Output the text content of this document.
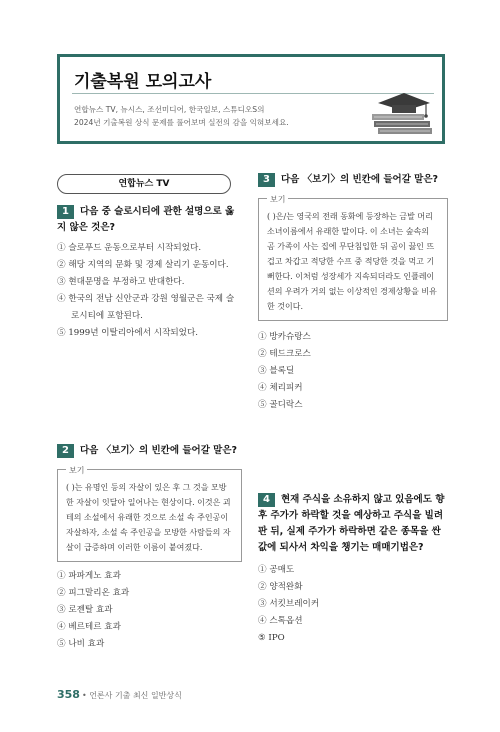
기출복원 모의고사
연합뉴스 TV, 뉴시스, 조선미디어, 한국일보, 스튜디오S의
2024년 기출복원 상식 문제를 풀어보며 실전의 감을 익혀보세요.
연합뉴스 TV
1 다음 중 슬로시티에 관한 설명으로 옳지 않은 것은?
① 슬로푸드 운동으로부터 시작되었다.
② 해당 지역의 문화 및 경제 살리기 운동이다.
③ 현대문명을 부정하고 반대한다.
④ 한국의 전남 신안군과 강원 영월군은 국제 슬로시티에 포함된다.
⑤ 1999년 이탈리아에서 시작되었다.
2 다음 〈보기〉의 빈칸에 들어갈 말은?
보기
( )는 유명인 등의 자살이 있은 후 그 것을 모방한 자살이 잇달아 일어나는 현상이다. 이것은 괴테의 소설에서 유래한 것으로 소설 속 주인공이 자살하자, 소설 속 주인공을 모방한 사람들의 자살이 급증하며 이러한 이름이 붙여졌다.
① 파파게노 효과
② 피그말리온 효과
③ 로젠탈 효과
④ 베르테르 효과
⑤ 나비 효과
3 다음 〈보기〉의 빈칸에 들어갈 말은?
보기
( )은/는 영국의 전래 동화에 등장하는 금발 머리 소녀이름에서 유래한 말이다. 이 소녀는 숲속의 곰 가족이 사는 집에 무단침입한 뒤 곰이 끓인 뜨겁고 차갑고 적당한 수프 중 적당한 것을 먹고 기뻐한다. 이처럼 성장세가 지속되더라도 인플레이션의 우려가 거의 없는 이상적인 경제상황을 비유한 것이다.
① 방카슈랑스
② 테드크로스
③ 블록딜
④ 체리피커
⑤ 골디락스
4 현재 주식을 소유하지 않고 있음에도 향후 주가가 하락할 것을 예상하고 주식을 빌려 판 뒤, 실제 주가가 하락하면 같은 종목을 싼값에 되사서 차익을 챙기는 매매기법은?
① 공매도
② 양적완화
③ 서킷브레이커
④ 스톡옵션
⑤ IPO
358 • 언론사 기출 최신 일반상식
